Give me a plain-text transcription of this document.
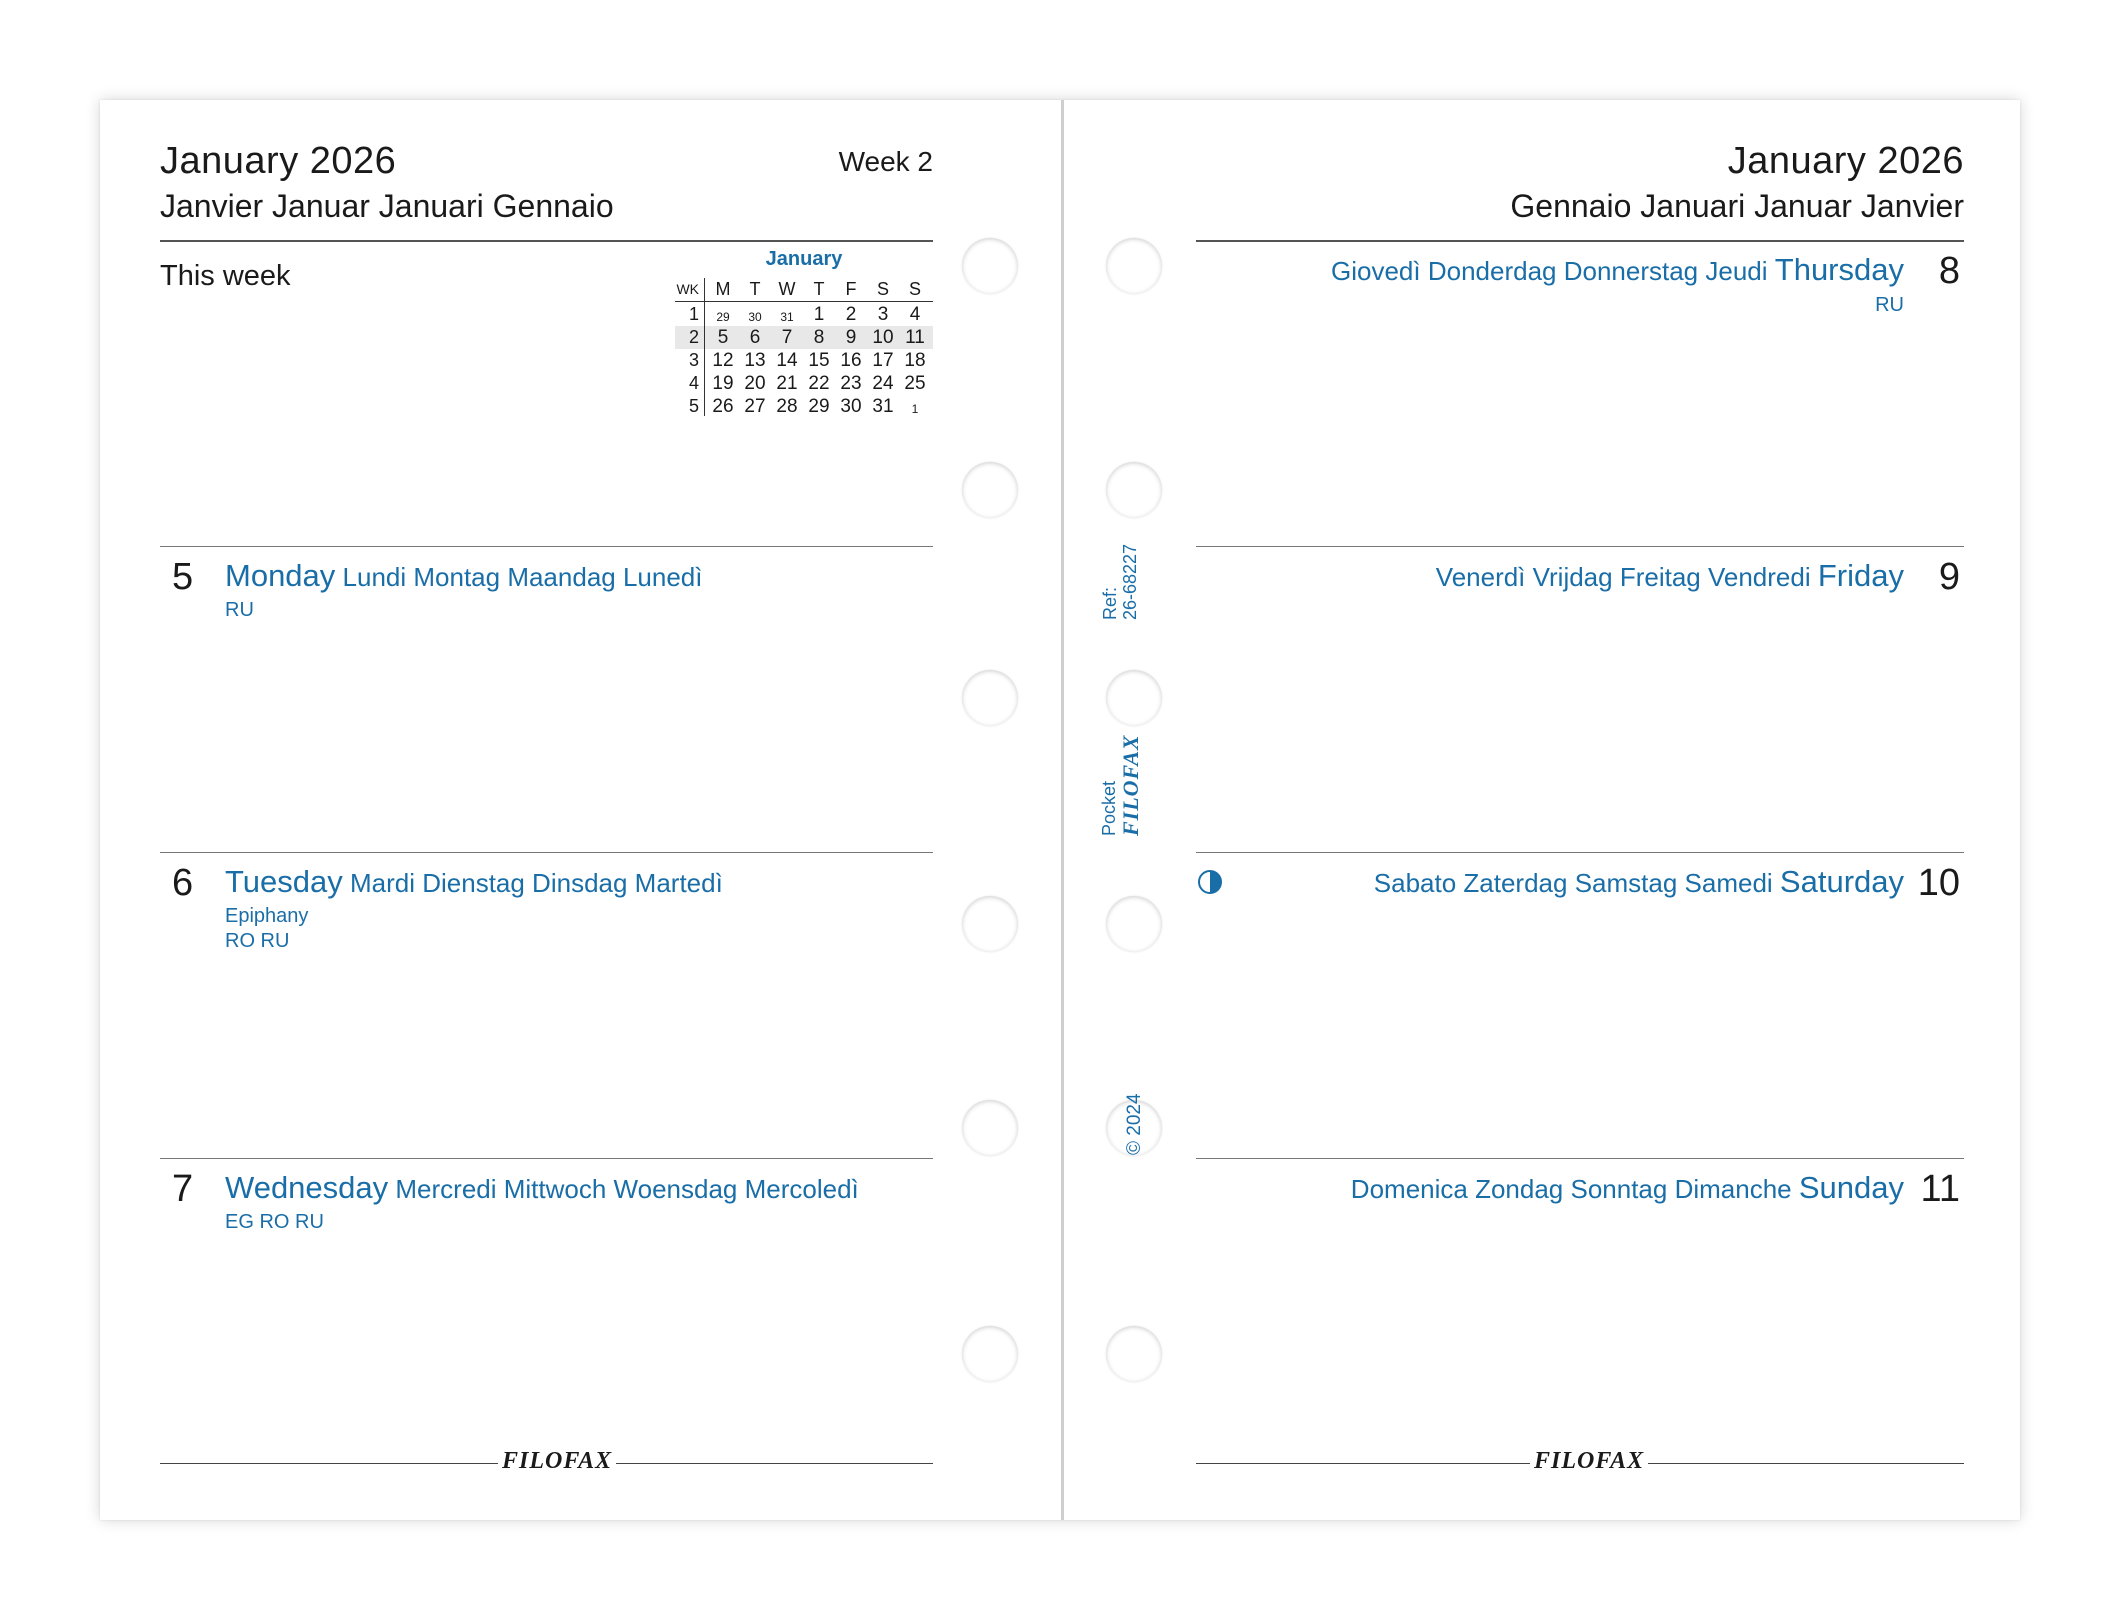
January 2026
Janvier Januar Januari Gennaio
Week 2
This week
January
WK M	T	W	T	F	S	S
1	29	30	31	1	2	3	4
2 5	6	7	8	9 10 11
3 12 13 14 15 16 17 18
4 19 20 21 22 23 24 25
5 26 27 28 29 30 31	1
5 Monday Lundi Montag Maandag Lunedì
RU
6 Tuesday Mardi Dienstag Dinsdag Martedì
Epiphany
RO RU
7 Wednesday Mercredi Mittwoch Woensdag Mercoledì
EG RO RU
FILOFAX
Ref: 26-68227
Pocket FILOFAX
© 2024
January 2026
Gennaio Januari Januar Janvier
Giovedì Donderdag Donnerstag Jeudi Thursday 8
RU
Venerdì Vrijdag Freitag Vendredi Friday 9
Sabato Zaterdag Samstag Samedi Saturday 10
Domenica Zondag Sonntag Dimanche Sunday 11
FILOFAX
